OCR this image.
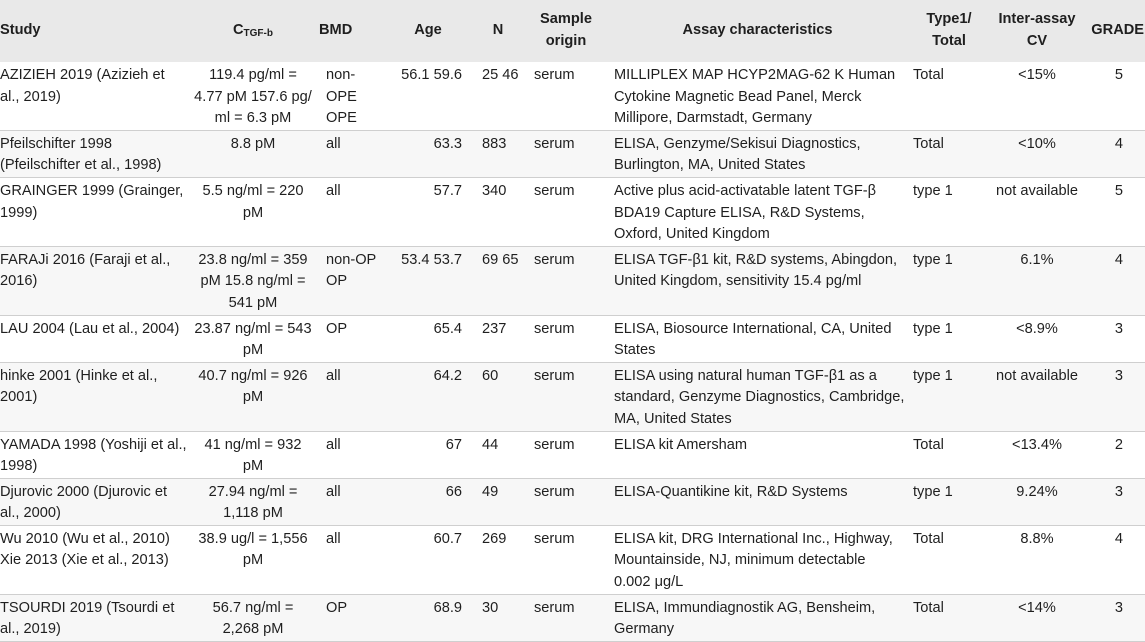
Study	$C_{TGF-b}$	BMD	Age	N	Sample origin	Assay characteristics	Type1/ Total	Inter-assay CV	GRADE
AZIZIEH 2019 (Azizieh et al., 2019)	119.4 pg/ml = 4.77 pM 157.6 pg/ ml = 6.3 pM	non-OPE OPE	56.1 59.6	25 46	serum	MILLIPLEX MAP HCYP2MAG-62 K Human Cytokine Magnetic Bead Panel, Merck Millipore, Darmstadt, Germany	Total	<15%	5
Pfeilschifter 1998 (Pfeilschifter et al., 1998)	8.8 pM	all	63.3	883	serum	ELISA, Genzyme/Sekisui Diagnostics, Burlington, MA, United States	Total	<10%	4
GRAINGER 1999 (Grainger, 1999)	5.5 ng/ml = 220 pM	all	57.7	340	serum	Active plus acid-activatable latent TGF-β BDA19 Capture ELISA, R&D Systems, Oxford, United Kingdom	type 1	not available	5
FARAJi 2016 (Faraji et al., 2016)	23.8 ng/ml = 359 pM 15.8 ng/ml = 541 pM	non-OP OP	53.4 53.7	69 65	serum	ELISA TGF-β1 kit, R&D systems, Abingdon, United Kingdom, sensitivity 15.4 pg/ml	type 1	6.1%	4
LAU 2004 (Lau et al., 2004)	23.87 ng/ml = 543 pM	OP	65.4	237	serum	ELISA, Biosource International, CA, United States	type 1	<8.9%	3
hinke 2001 (Hinke et al., 2001)	40.7 ng/ml = 926 pM	all	64.2	60	serum	ELISA using natural human TGF-β1 as a standard, Genzyme Diagnostics, Cambridge, MA, United States	type 1	not available	3
YAMADA 1998 (Yoshiji et al., 1998)	41 ng/ml = 932 pM	all	67	44	serum	ELISA kit Amersham	Total	<13.4%	2
Djurovic 2000 (Djurovic et al., 2000)	27.94 ng/ml = 1,118 pM	all	66	49	serum	ELISA-Quantikine kit, R&D Systems	type 1	9.24%	3
Wu 2010 (Wu et al., 2010) Xie 2013 (Xie et al., 2013)	38.9 ug/l = 1,556 pM	all	60.7	269	serum	ELISA kit, DRG International Inc., Highway, Mountainside, NJ, minimum detectable 0.002 μg/L	Total	8.8%	4
TSOURDI 2019 (Tsourdi et al., 2019)	56.7 ng/ml = 2,268 pM	OP	68.9	30	serum	ELISA, Immundiagnostik AG, Bensheim, Germany	Total	<14%	3
